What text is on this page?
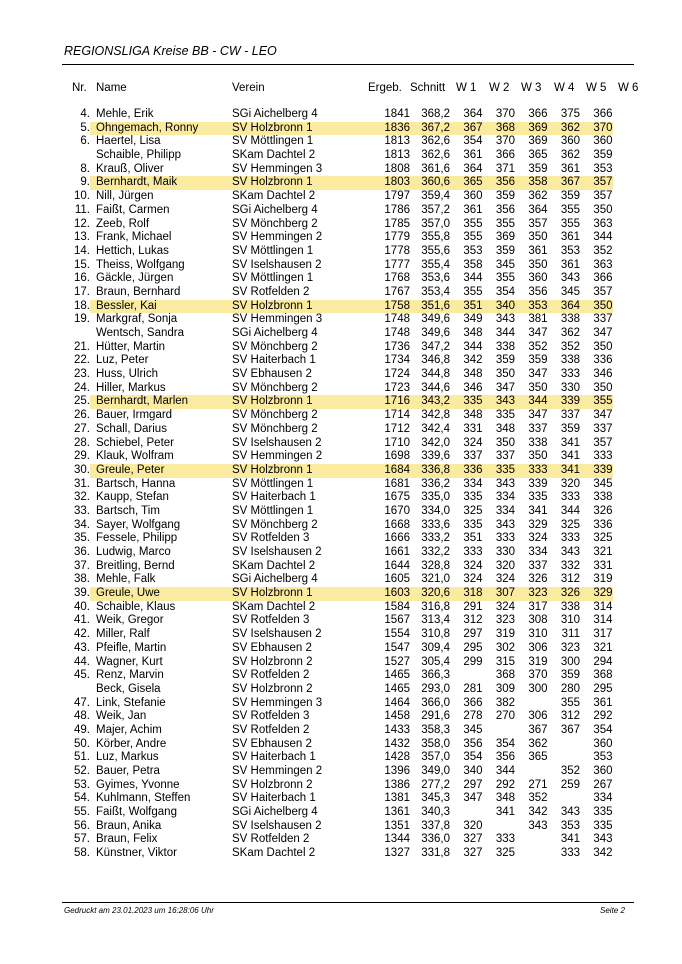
REGIONSLIGA Kreise BB - CW - LEO
Nr. Name	Verein	Ergeb. Schnitt W 1 W 2 W 3 W 4 W 5 W 6
4.	Mehle, Erik	SGi Aichelberg 4	1841	368,2	364	370	366	375	366	
5.	Ohngemach, Ronny	SV Holzbronn 1	1836	367,2	367	368	369	362	370	
6.	Haertel, Lisa	SV Möttlingen 1	1813	362,6	354	370	369	360	360	
	Schaible, Philipp	SKam Dachtel 2	1813	362,6	361	366	365	362	359	
8.	Krauß, Oliver	SV Hemmingen 3	1808	361,6	364	371	359	361	353	
9.	Bernhardt, Maik	SV Holzbronn 1	1803	360,6	365	356	358	367	357	
10.	Nill, Jürgen	SKam Dachtel 2	1797	359,4	360	359	362	359	357	
11.	Faißt, Carmen	SGi Aichelberg 4	1786	357,2	361	356	364	355	350	
12.	Zeeb, Rolf	SV Mönchberg 2	1785	357,0	355	355	357	355	363	
13.	Frank, Michael	SV Hemmingen 2	1779	355,8	355	369	350	361	344	
14.	Hettich, Lukas	SV Möttlingen 1	1778	355,6	353	359	361	353	352	
15.	Theiss, Wolfgang	SV Iselshausen 2	1777	355,4	358	345	350	361	363	
16.	Gäckle, Jürgen	SV Möttlingen 1	1768	353,6	344	355	360	343	366	
17.	Braun, Bernhard	SV Rotfelden 2	1767	353,4	355	354	356	345	357	
18.	Bessler, Kai	SV Holzbronn 1	1758	351,6	351	340	353	364	350	
19.	Markgraf, Sonja	SV Hemmingen 3	1748	349,6	349	343	381	338	337	
	Wentsch, Sandra	SGi Aichelberg 4	1748	349,6	348	344	347	362	347	
21.	Hütter, Martin	SV Mönchberg 2	1736	347,2	344	338	352	352	350	
22.	Luz, Peter	SV Haiterbach 1	1734	346,8	342	359	359	338	336	
23.	Huss, Ulrich	SV Ebhausen 2	1724	344,8	348	350	347	333	346	
24.	Hiller, Markus	SV Mönchberg 2	1723	344,6	346	347	350	330	350	
25.	Bernhardt, Marlen	SV Holzbronn 1	1716	343,2	335	343	344	339	355	
26.	Bauer, Irmgard	SV Mönchberg 2	1714	342,8	348	335	347	337	347	
27.	Schall, Darius	SV Mönchberg 2	1712	342,4	331	348	337	359	337	
28.	Schiebel, Peter	SV Iselshausen 2	1710	342,0	324	350	338	341	357	
29.	Klauk, Wolfram	SV Hemmingen 2	1698	339,6	337	337	350	341	333	
30.	Greule, Peter	SV Holzbronn 1	1684	336,8	336	335	333	341	339	
31.	Bartsch, Hanna	SV Möttlingen 1	1681	336,2	334	343	339	320	345	
32.	Kaupp, Stefan	SV Haiterbach 1	1675	335,0	335	334	335	333	338	
33.	Bartsch, Tim	SV Möttlingen 1	1670	334,0	325	334	341	344	326	
34.	Sayer, Wolfgang	SV Mönchberg 2	1668	333,6	335	343	329	325	336	
35.	Fessele, Philipp	SV Rotfelden 3	1666	333,2	351	333	324	333	325	
36.	Ludwig, Marco	SV Iselshausen 2	1661	332,2	333	330	334	343	321	
37.	Breitling, Bernd	SKam Dachtel 2	1644	328,8	324	320	337	332	331	
38.	Mehle, Falk	SGi Aichelberg 4	1605	321,0	324	324	326	312	319	
39.	Greule, Uwe	SV Holzbronn 1	1603	320,6	318	307	323	326	329	
40.	Schaible, Klaus	SKam Dachtel 2	1584	316,8	291	324	317	338	314	
41.	Weik, Gregor	SV Rotfelden 3	1567	313,4	312	323	308	310	314	
42.	Miller, Ralf	SV Iselshausen 2	1554	310,8	297	319	310	311	317	
43.	Pfeifle, Martin	SV Ebhausen 2	1547	309,4	295	302	306	323	321	
44.	Wagner, Kurt	SV Holzbronn 2	1527	305,4	299	315	319	300	294	
45.	Renz, Marvin	SV Rotfelden 2	1465	366,3		368	370	359	368	
	Beck, Gisela	SV Holzbronn 2	1465	293,0	281	309	300	280	295	
47.	Link, Stefanie	SV Hemmingen 3	1464	366,0	366	382		355	361	
48.	Weik, Jan	SV Rotfelden 3	1458	291,6	278	270	306	312	292	
49.	Majer, Achim	SV Rotfelden 2	1433	358,3	345		367	367	354	
50.	Körber, Andre	SV Ebhausen 2	1432	358,0	356	354	362		360	
51.	Luz, Markus	SV Haiterbach 1	1428	357,0	354	356	365		353	
52.	Bauer, Petra	SV Hemmingen 2	1396	349,0	340	344		352	360	
53.	Gyimes, Yvonne	SV Holzbronn 2	1386	277,2	297	292	271	259	267	
54.	Kuhlmann, Steffen	SV Haiterbach 1	1381	345,3	347	348	352		334	
55.	Faißt, Wolfgang	SGi Aichelberg 4	1361	340,3		341	342	343	335	
56.	Braun, Anika	SV Iselshausen 2	1351	337,8	320		343	353	335	
57.	Braun, Felix	SV Rotfelden 2	1344	336,0	327	333		341	343	
58.	Künstner, Viktor	SKam Dachtel 2	1327	331,8	327	325		333	342	
Gedruckt am 23.01.2023 um 16:28:06 Uhr	Seite 2
